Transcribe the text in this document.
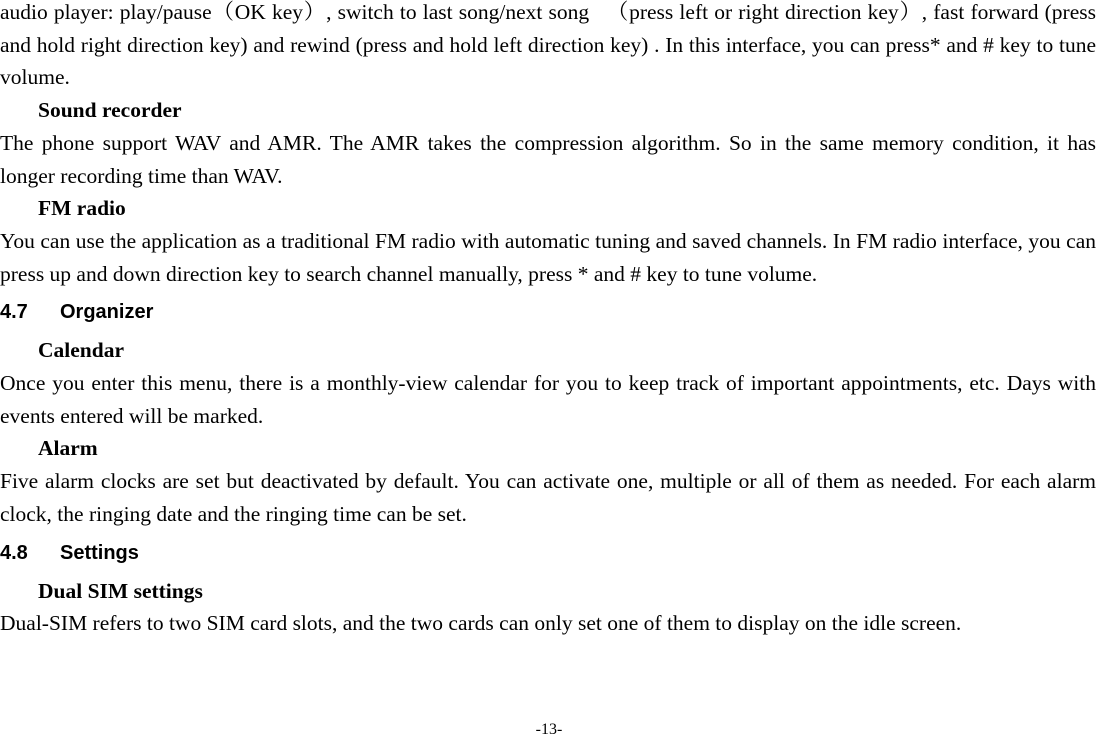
audio player: play/pause（OK key）, switch to last song/next song 　（press left or right direction key）, fast forward (press and hold right direction key) and rewind (press and hold left direction key) . In this interface, you can press* and # key to tune volume.

Sound recorder

The phone support WAV and AMR. The AMR takes the compression algorithm. So in the same memory condition, it has longer recording time than WAV.

FM radio

You can use the application as a traditional FM radio with automatic tuning and saved channels. In FM radio interface, you can press up and down direction key to search channel manually, press * and # key to tune volume.

4.7	Organizer

Calendar

Once you enter this menu, there is a monthly-view calendar for you to keep track of important appointments, etc. Days with events entered will be marked.

Alarm

Five alarm clocks are set but deactivated by default. You can activate one, multiple or all of them as needed. For each alarm clock, the ringing date and the ringing time can be set.

4.8	Settings

Dual SIM settings

Dual-SIM refers to two SIM card slots, and the two cards can only set one of them to display on the idle screen.

-13-
